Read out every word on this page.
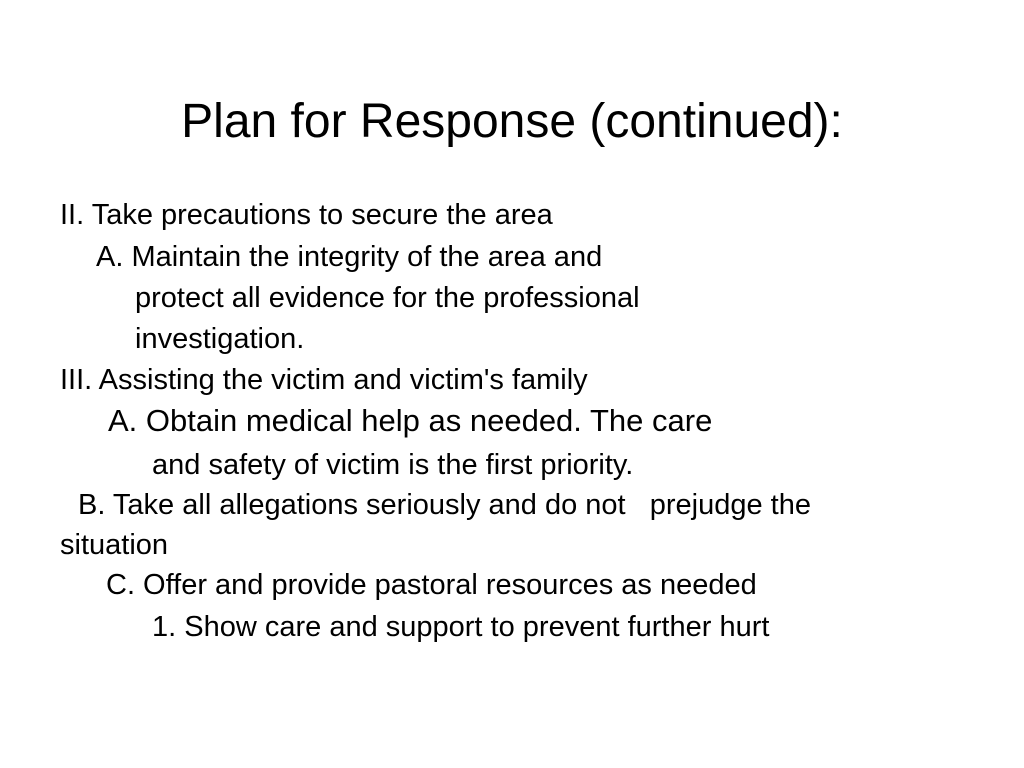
Plan for Response (continued):
II. Take precautions to secure the area
A. Maintain the integrity of the area and
protect all evidence for the professional
investigation.
III. Assisting the victim and victim's family
A. Obtain medical help as needed. The care
and safety of victim is the first priority.
B. Take all allegations seriously and do not   prejudge the
situation
C. Offer and provide pastoral resources as needed
1. Show care and support to prevent further hurt
